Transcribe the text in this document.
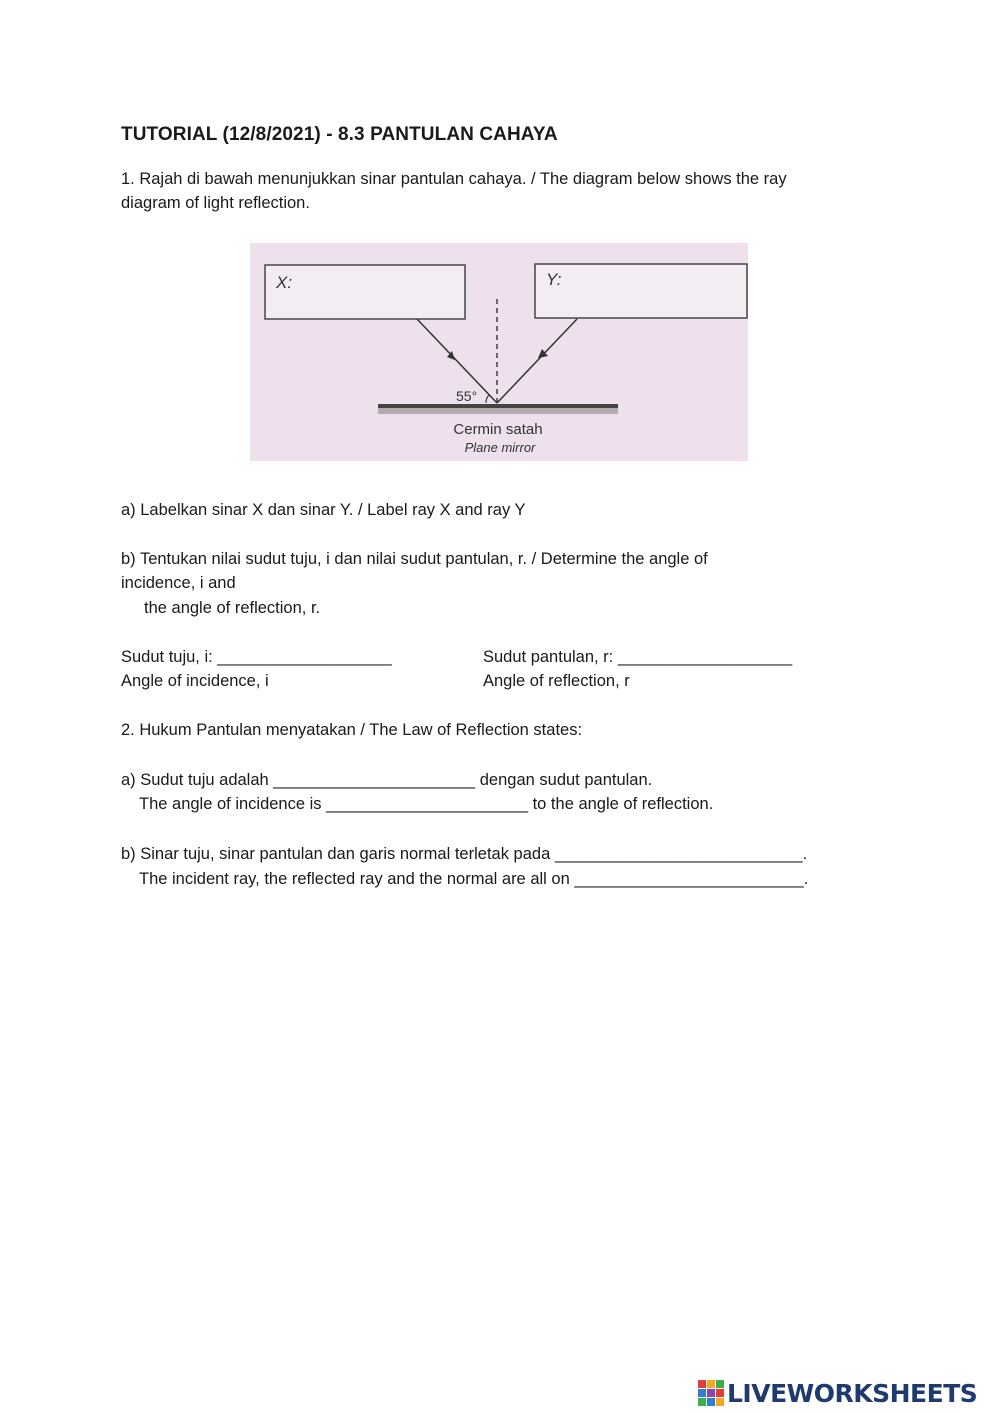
TUTORIAL (12/8/2021) - 8.3 PANTULAN CAHAYA
1. Rajah di bawah menunjukkan sinar pantulan cahaya. / The diagram below shows the ray
diagram of light reflection.
X:	Y:
55°
Cermin satah
Plane mirror
a) Labelkan sinar X dan sinar Y. / Label ray X and ray Y
b) Tentukan nilai sudut tuju, i dan nilai sudut pantulan, r. / Determine the angle of
incidence, i and
the angle of reflection, r.
Sudut tuju, i: ___________________
Angle of incidence, i
Sudut pantulan, r: ___________________
Angle of reflection, r
2. Hukum Pantulan menyatakan / The Law of Reflection states:
a) Sudut tuju adalah ______________________ dengan sudut pantulan.
The angle of incidence is ______________________ to the angle of reflection.
b) Sinar tuju, sinar pantulan dan garis normal terletak pada ___________________________.
The incident ray, the reflected ray and the normal are all on _________________________.
LIVEWORKSHEETS
